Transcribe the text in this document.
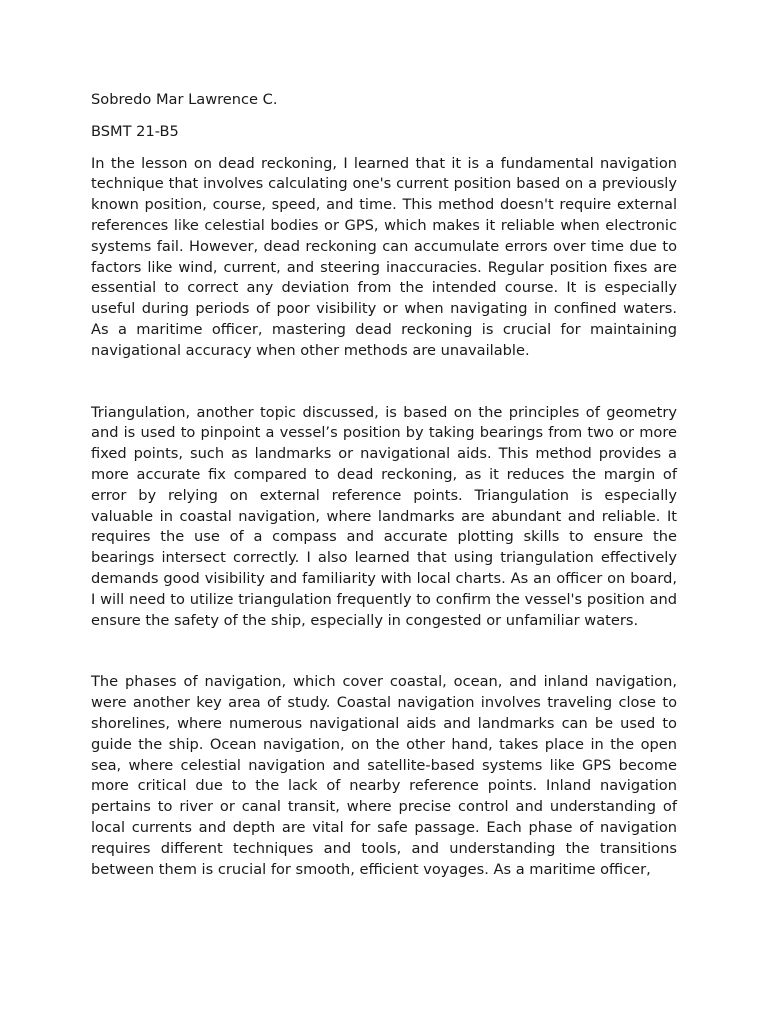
Sobredo Mar Lawrence C.

BSMT 21-B5

In the lesson on dead reckoning, I learned that it is a fundamental navigation technique that involves calculating one's current position based on a previously known position, course, speed, and time. This method doesn't require external references like celestial bodies or GPS, which makes it reliable when electronic systems fail. However, dead reckoning can accumulate errors over time due to factors like wind, current, and steering inaccuracies. Regular position fixes are essential to correct any deviation from the intended course. It is especially useful during periods of poor visibility or when navigating in confined waters. As a maritime officer, mastering dead reckoning is crucial for maintaining navigational accuracy when other methods are unavailable.

Triangulation, another topic discussed, is based on the principles of geometry and is used to pinpoint a vessel’s position by taking bearings from two or more fixed points, such as landmarks or navigational aids. This method provides a more accurate fix compared to dead reckoning, as it reduces the margin of error by relying on external reference points. Triangulation is especially valuable in coastal navigation, where landmarks are abundant and reliable. It requires the use of a compass and accurate plotting skills to ensure the bearings intersect correctly. I also learned that using triangulation effectively demands good visibility and familiarity with local charts. As an officer on board, I will need to utilize triangulation frequently to confirm the vessel's position and ensure the safety of the ship, especially in congested or unfamiliar waters.

The phases of navigation, which cover coastal, ocean, and inland navigation, were another key area of study. Coastal navigation involves traveling close to shorelines, where numerous navigational aids and landmarks can be used to guide the ship. Ocean navigation, on the other hand, takes place in the open sea, where celestial navigation and satellite-based systems like GPS become more critical due to the lack of nearby reference points. Inland navigation pertains to river or canal transit, where precise control and understanding of local currents and depth are vital for safe passage. Each phase of navigation requires different techniques and tools, and understanding the transitions between them is crucial for smooth, efficient voyages. As a maritime officer,
